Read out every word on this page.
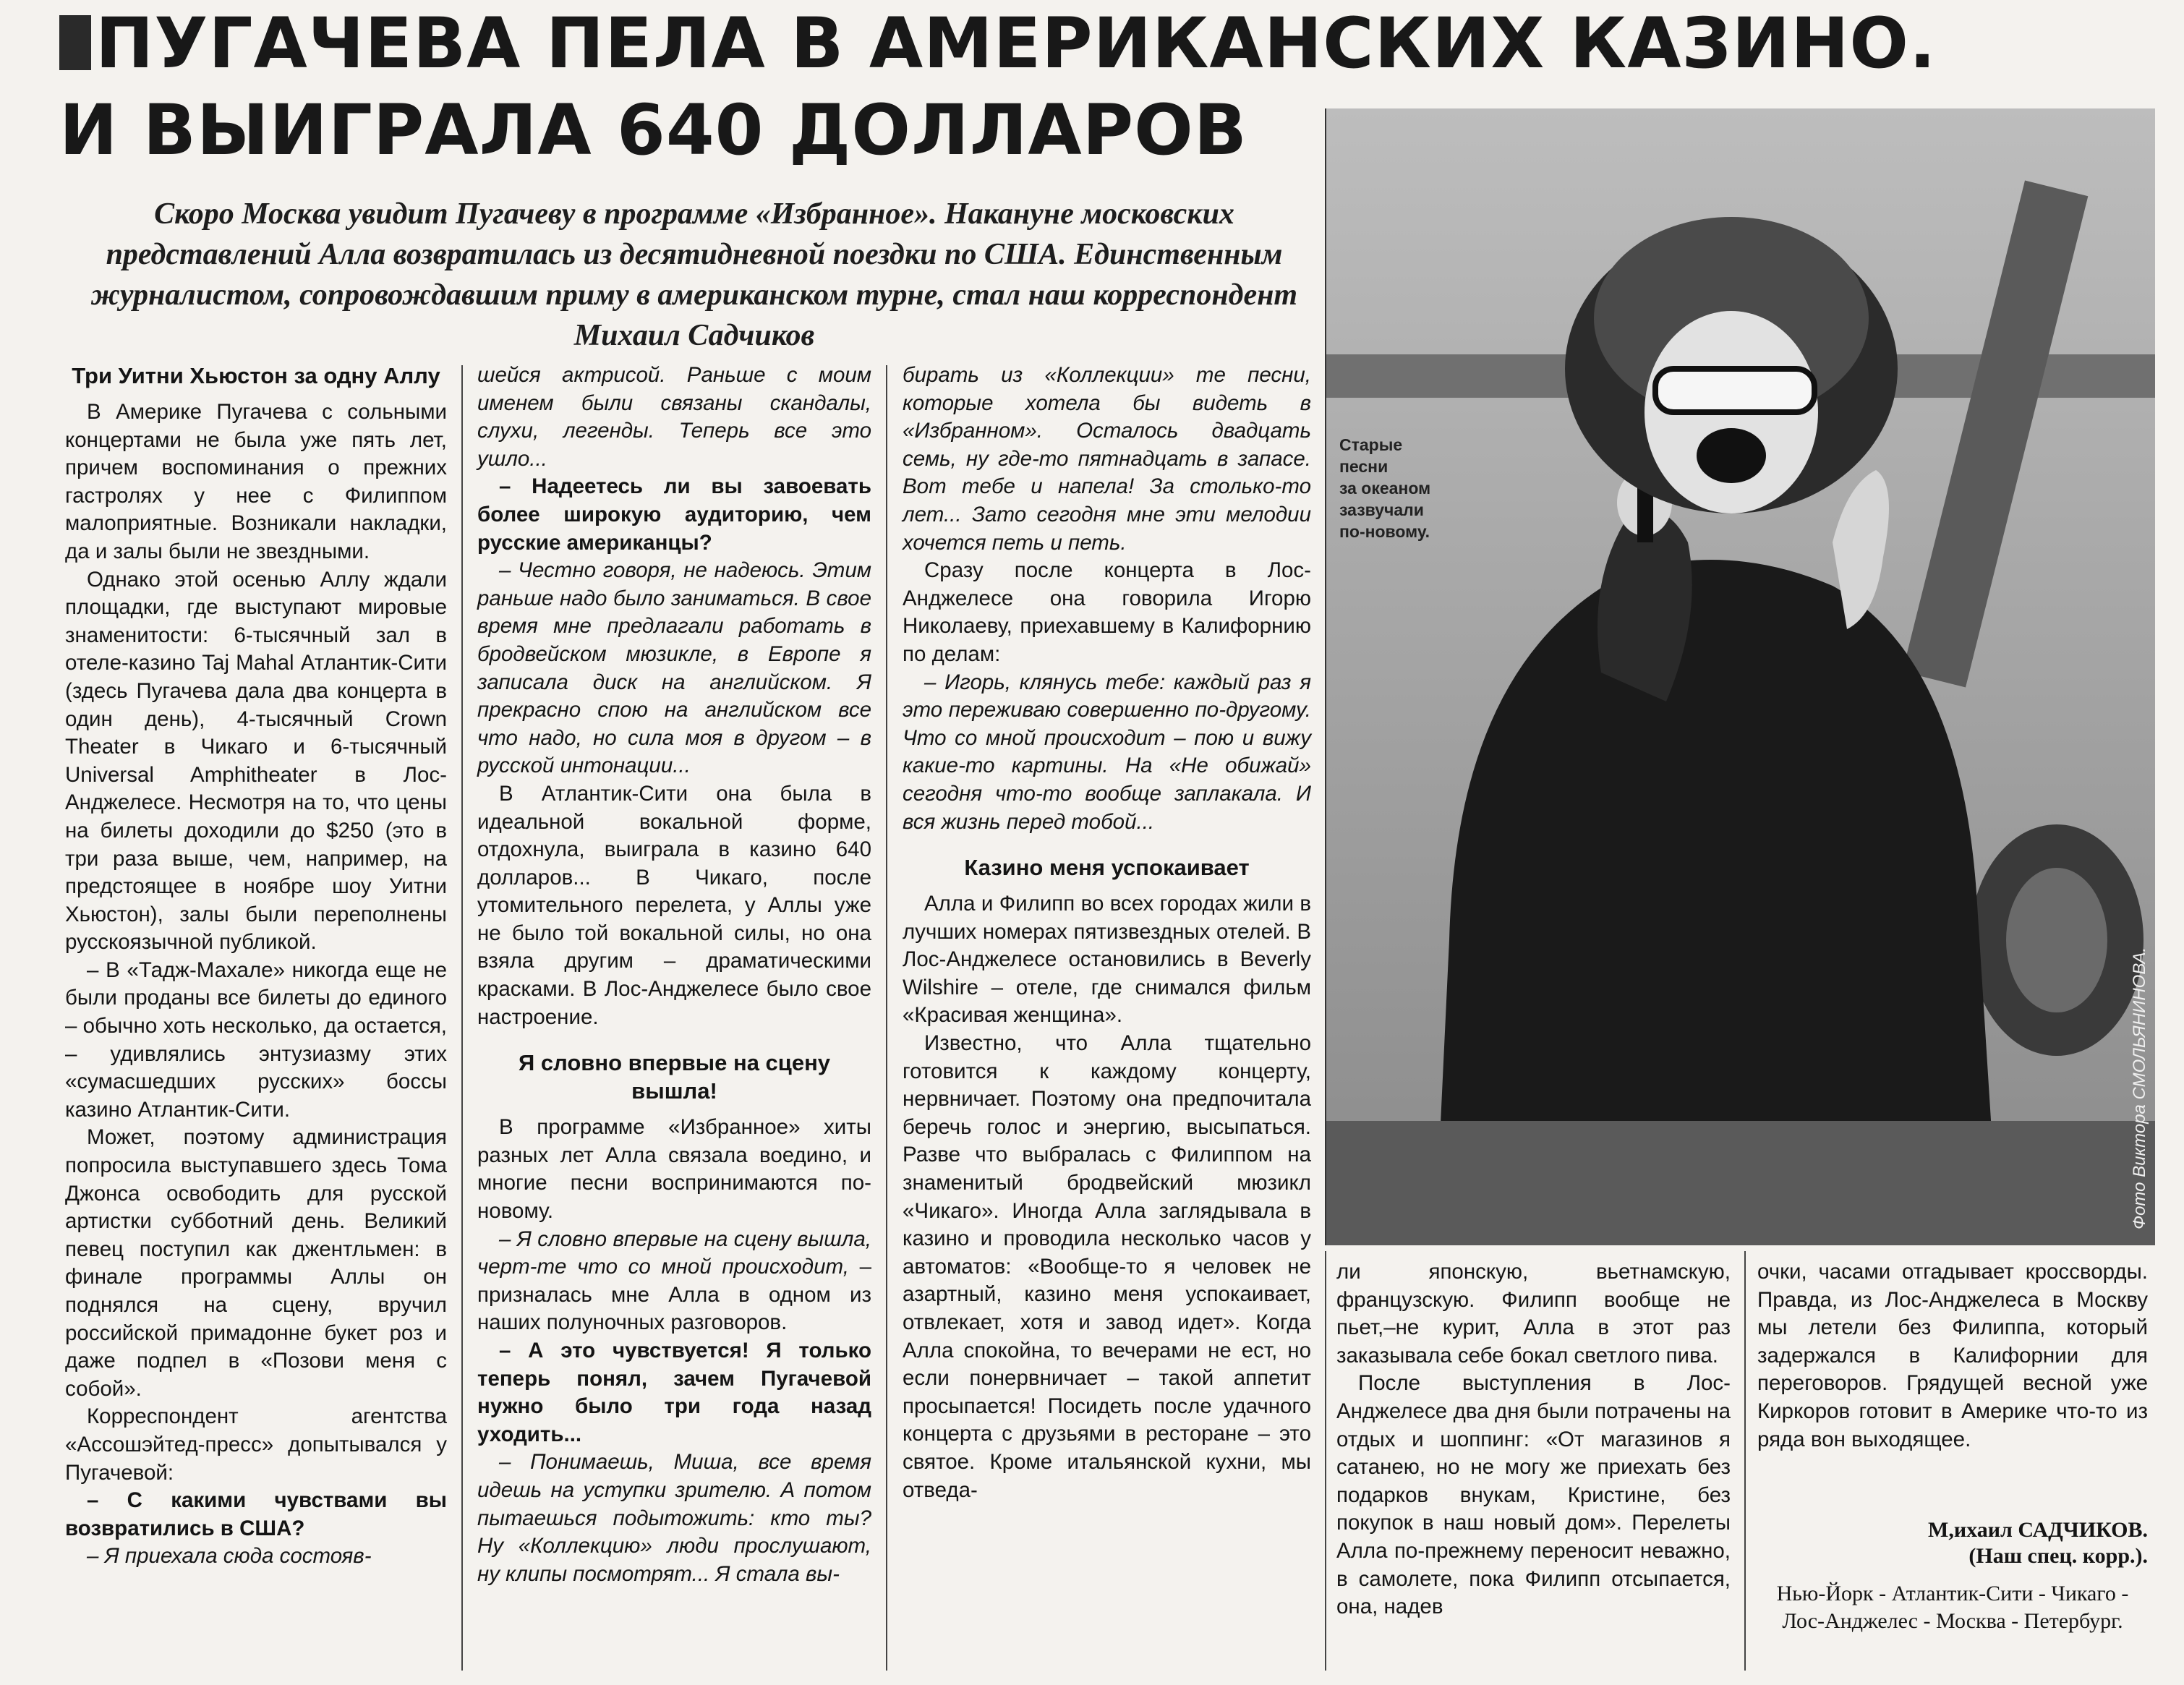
ПУГАЧЕВА ПЕЛА В АМЕРИКАНСКИХ КАЗИНО.
И ВЫИГРАЛА 640 ДОЛЛАРОВ
Скоро Москва увидит Пугачеву в программе «Избранное». Накануне московских представлений Алла возвратилась из десятидневной поездки по США. Единственным журналистом, сопровождавшим приму в американском турне, стал наш корреспондент Михаил Садчиков
Старые
песни
за океаном
зазвучали
по-новому.
Фото Виктора СМОЛЬЯНИНОВА.
Три Уитни Хьюстон за одну Аллу

В Америке Пугачева с сольными концертами не была уже пять лет, причем воспоминания о прежних гастролях у нее с Филиппом малоприятные. Возникали накладки, да и залы были не звездными.

Однако этой осенью Аллу ждали площадки, где выступают мировые знаменитости: 6-тысячный зал в отеле-казино Taj Mahal Атлантик-Сити (здесь Пугачева дала два концерта в один день), 4-тысячный Crown Theater в Чикаго и 6-тысячный Universal Amphitheater в Лос-Анджелесе. Несмотря на то, что цены на билеты доходили до $250 (это в три раза выше, чем, например, на предстоящее в ноябре шоу Уитни Хьюстон), залы были переполнены русскоязычной публикой.

– В «Тадж-Махале» никогда еще не были проданы все билеты до единого – обычно хоть несколько, да остается, – удивлялись энтузиазму этих «сумасшедших русских» боссы казино Атлантик-Сити.

Может, поэтому администрация попросила выступавшего здесь Тома Джонса освободить для русской артистки субботний день. Великий певец поступил как джентльмен: в финале программы Аллы он поднялся на сцену, вручил российской примадонне букет роз и даже подпел в «Позови меня с собой».

Корреспондент агентства «Ассошэйтед-пресс» допытывался у Пугачевой:

– С какими чувствами вы возвратились в США?

– Я приехала сюда состояв-

шейся актрисой. Раньше с моим именем были связаны скандалы, слухи, легенды. Теперь все это ушло...

– Надеетесь ли вы завоевать более широкую аудиторию, чем русские американцы?

– Честно говоря, не надеюсь. Этим раньше надо было заниматься. В свое время мне предлагали работать в бродвейском мюзикле, в Европе я записала диск на английском. Я прекрасно спою на английском все что надо, но сила моя в другом – в русской интонации...

В Атлантик-Сити она была в идеальной вокальной форме, отдохнула, выиграла в казино 640 долларов... В Чикаго, после утомительного перелета, у Аллы уже не было той вокальной силы, но она взяла другим – драматическими красками. В Лос-Анджелесе было свое настроение.

Я словно впервые на сцену вышла!

В программе «Избранное» хиты разных лет Алла связала воедино, и многие песни воспринимаются по-новому.

– Я словно впервые на сцену вышла, черт-те что со мной происходит, – призналась мне Алла в одном из наших полуночных разговоров.

– А это чувствуется! Я только теперь понял, зачем Пугачевой нужно было три года назад уходить...

– Понимаешь, Миша, все время идешь на уступки зрителю. А потом пытаешься подытожить: кто ты? Ну «Коллекцию» люди прослушают, ну клипы посмотрят... Я стала вы-

бирать из «Коллекции» те песни, которые хотела бы видеть в «Избранном». Осталось двадцать семь, ну где-то пятнадцать в запасе. Вот тебе и напела! За столько-то лет... Зато сегодня мне эти мелодии хочется петь и петь.

Сразу после концерта в Лос-Анджелесе она говорила Игорю Николаеву, приехавшему в Калифорнию по делам:

– Игорь, клянусь тебе: каждый раз я это переживаю совершенно по-другому. Что со мной происходит – пою и вижу какие-то картины. На «Не обижай» сегодня что-то вообще заплакала. И вся жизнь перед тобой...

Казино меня успокаивает

Алла и Филипп во всех городах жили в лучших номерах пятизвездных отелей. В Лос-Анджелесе остановились в Beverly Wilshire – отеле, где снимался фильм «Красивая женщина».

Известно, что Алла тщательно готовится к каждому концерту, нервничает. Поэтому она предпочитала беречь голос и энергию, высыпаться. Разве что выбралась с Филиппом на знаменитый бродвейский мюзикл «Чикаго». Иногда Алла заглядывала в казино и проводила несколько часов у автоматов: «Вообще-то я человек не азартный, казино меня успокаивает, отвлекает, хотя и завод идет». Когда Алла спокойна, то вечерами не ест, но если понервничает – такой аппетит просыпается! Посидеть после удачного концерта с друзьями в ресторане – это святое. Кроме итальянской кухни, мы отведа-

ли японскую, вьетнамскую, французскую. Филипп вообще не пьет,–не курит, Алла в этот раз заказывала себе бокал светлого пива.

После выступления в Лос-Анджелесе два дня были потрачены на отдых и шоппинг: «От магазинов я сатанею, но не могу же приехать без подарков внукам, Кристине, без покупок в наш новый дом». Перелеты Алла по-прежнему переносит неважно, в самолете, пока Филипп отсыпается, она, надев

очки, часами отгадывает кроссворды. Правда, из Лос-Анджелеса в Москву мы летели без Филиппа, который задержался в Калифорнии для переговоров. Грядущей весной уже Киркоров готовит в Америке что-то из ряда вон выходящее.

М,ихаил САДЧИКОВ.
(Наш спец. корр.).
Нью-Йорк - Атлантик-Сити - Чикаго - Лос-Анджелес - Москва - Петербург.
